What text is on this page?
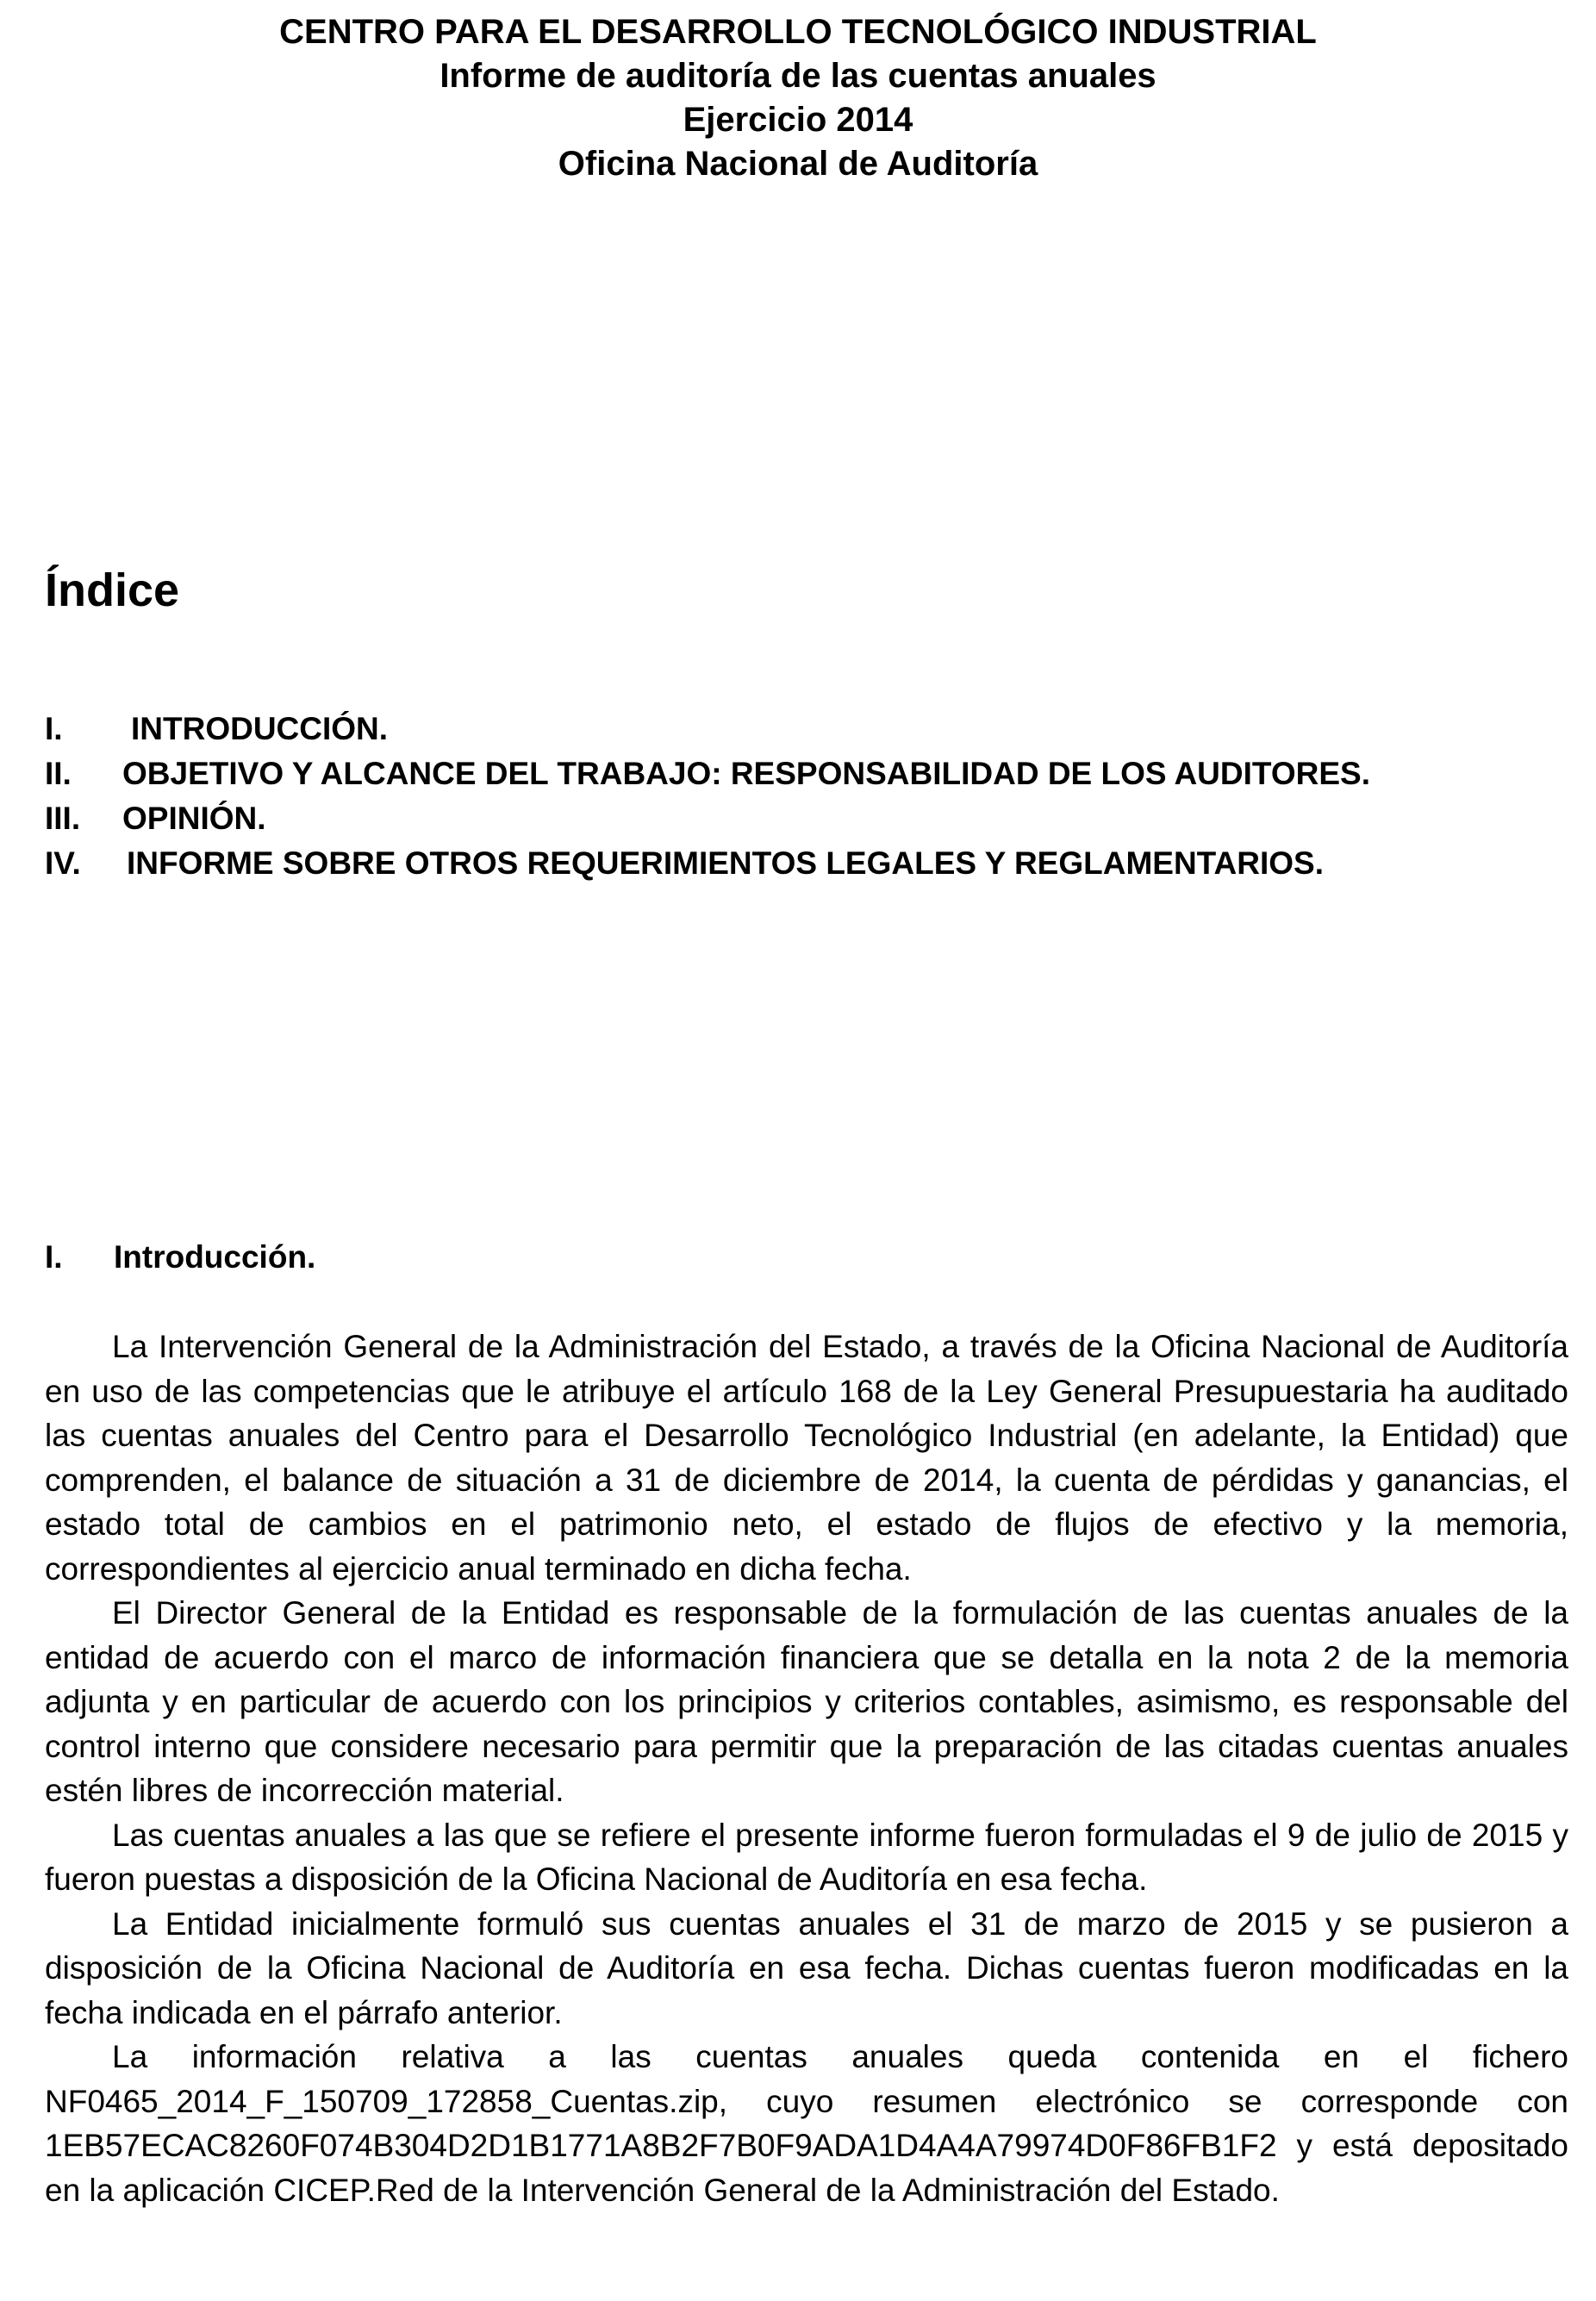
CENTRO PARA EL DESARROLLO TECNOLÓGICO INDUSTRIAL
Informe de auditoría de las cuentas anuales
Ejercicio 2014
Oficina Nacional de Auditoría
Índice
I. INTRODUCCIÓN.
II. OBJETIVO Y ALCANCE DEL TRABAJO: RESPONSABILIDAD DE LOS AUDITORES.
III. OPINIÓN.
IV. INFORME SOBRE OTROS REQUERIMIENTOS LEGALES Y REGLAMENTARIOS.
I. Introducción.

La Intervención General de la Administración del Estado, a través de la Oficina Nacional de Auditoría en uso de las competencias que le atribuye el artículo 168 de la Ley General Presupuestaria ha auditado las cuentas anuales del Centro para el Desarrollo Tecnológico Industrial (en adelante, la Entidad) que comprenden, el balance de situación a 31 de diciembre de 2014, la cuenta de pérdidas y ganancias, el estado total de cambios en el patrimonio neto, el estado de flujos de efectivo y la memoria, correspondientes al ejercicio anual terminado en dicha fecha.

El Director General de la Entidad es responsable de la formulación de las cuentas anuales de la entidad de acuerdo con el marco de información financiera que se detalla en la nota 2 de la memoria adjunta y en particular de acuerdo con los principios y criterios contables, asimismo, es responsable del control interno que considere necesario para permitir que la preparación de las citadas cuentas anuales estén libres de incorrección material.

Las cuentas anuales a las que se refiere el presente informe fueron formuladas el 9 de julio de 2015 y fueron puestas a disposición de la Oficina Nacional de Auditoría en esa fecha.

La Entidad inicialmente formuló sus cuentas anuales el 31 de marzo de 2015 y se pusieron a disposición de la Oficina Nacional de Auditoría en esa fecha. Dichas cuentas fueron modificadas en la fecha indicada en el párrafo anterior.

La información relativa a las cuentas anuales queda contenida en el fichero NF0465_2014_F_150709_172858_Cuentas.zip, cuyo resumen electrónico se corresponde con 1EB57ECAC8260F074B304D2D1B1771A8B2F7B0F9ADA1D4A4A79974D0F86FB1F2 y está depositado en la aplicación CICEP.Red de la Intervención General de la Administración del Estado.
